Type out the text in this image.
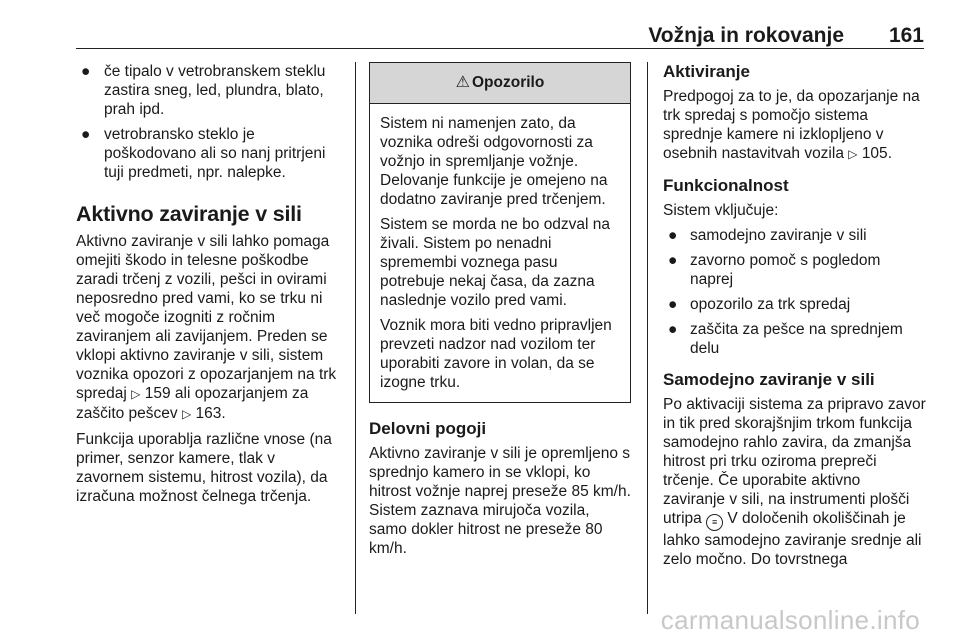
Vožnja in rokovanje 161
● če tipalo v vetrobranskem steklu zastira sneg, led, plundra, blato, prah ipd.
● vetrobransko steklo je poškodovano ali so nanj pritrjeni tuji predmeti, npr. nalepke.
Aktivno zaviranje v sili

Aktivno zaviranje v sili lahko pomaga omejiti škodo in telesne poškodbe zaradi trčenj z vozili, pešci in ovirami neposredno pred vami, ko se trku ni več mogoče izogniti z ročnim zaviranjem ali zavijanjem. Preden se vklopi aktivno zaviranje v sili, sistem voznika opozori z opozarjanjem na trk spredaj ▷ 159 ali opozarjanjem za zaščito pešcev ▷ 163.

Funkcija uporablja različne vnose (na primer, senzor kamere, tlak v zavornem sistemu, hitrost vozila), da izračuna možnost čelnega trčenja.

⚠ Opozorilo

Sistem ni namenjen zato, da voznika odreši odgovornosti za vožnjo in spremljanje vožnje. Delovanje funkcije je omejeno na dodatno zaviranje pred trčenjem.

Sistem se morda ne bo odzval na živali. Sistem po nenadni spremembi voznega pasu potrebuje nekaj časa, da zazna naslednje vozilo pred vami.

Voznik mora biti vedno pripravljen prevzeti nadzor nad vozilom ter uporabiti zavore in volan, da se izogne trku.

Delovni pogoji

Aktivno zaviranje v sili je opremljeno s sprednjo kamero in se vklopi, ko hitrost vožnje naprej preseže 85 km/h. Sistem zaznava mirujoča vozila, samo dokler hitrost ne preseže 80 km/h.

Aktiviranje

Predpogoj za to je, da opozarjanje na trk spredaj s pomočjo sistema sprednje kamere ni izklopljeno v osebnih nastavitvah vozila ▷ 105.

Funkcionalnost

Sistem vključuje:

● samodejno zaviranje v sili
● zavorno pomoč s pogledom naprej
● opozorilo za trk spredaj
● zaščita za pešce na sprednjem delu
Samodejno zaviranje v sili

Po aktivaciji sistema za pripravo zavor in tik pred skorajšnjim trkom funkcija samodejno rahlo zavira, da zmanjša hitrost pri trku oziroma prepreči trčenje. Če uporabite aktivno zaviranje v sili, na instrumenti plošči utripa ≡ V določenih okoliščinah je lahko samodejno zaviranje srednje ali zelo močno. Do tovrstnega

carmanualsonline.info
